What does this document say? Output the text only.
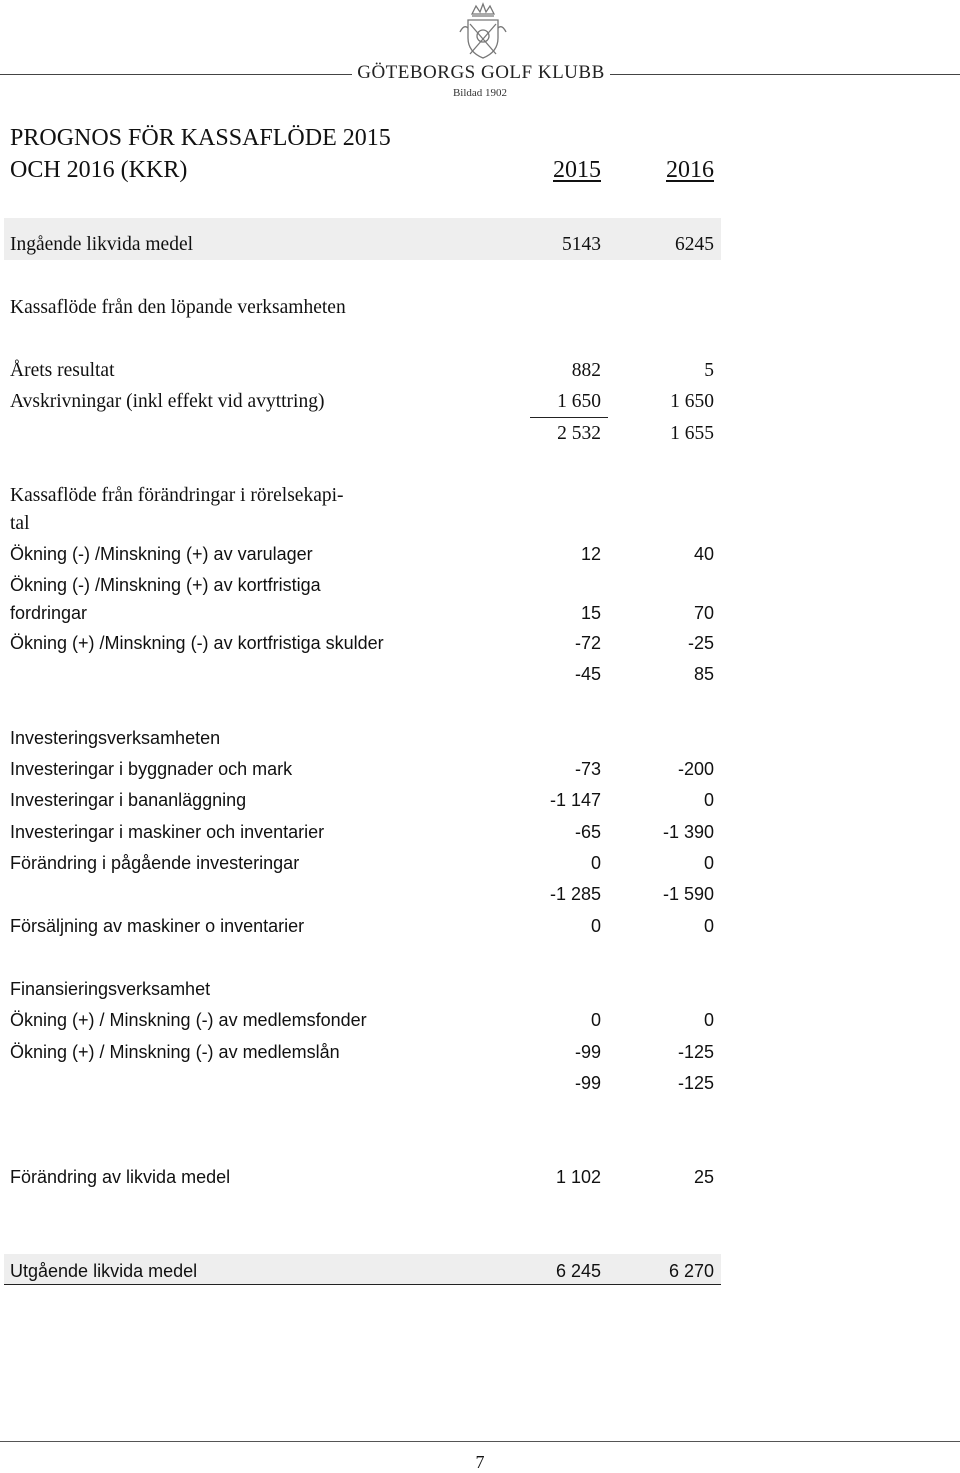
GÖTEBORGS GOLF KLUBB
Bildad 1902
PROGNOS FÖR KASSAFLÖDE 2015
OCH 2016 (KKR)	2015	2016
Ingående likvida medel	5143	6245
Kassaflöde från den löpande verksamheten
Årets resultat	882	5
Avskrivningar (inkl effekt vid avyttring)	1 650	1 650
2 532	1 655
Kassaflöde från förändringar i rörelsekapi-
tal
Ökning (-) /Minskning (+) av varulager	12	40
Ökning (-) /Minskning (+) av kortfristiga
fordringar	15	70
Ökning (+) /Minskning (-) av kortfristiga skulder	-72	-25
-45	85
Investeringsverksamheten
Investeringar i byggnader och mark	-73	-200
Investeringar i bananläggning	-1 147	0
Investeringar i maskiner och inventarier	-65	-1 390
Förändring i pågående investeringar	0	0
-1 285	-1 590
Försäljning av maskiner o inventarier	0	0
Finansieringsverksamhet
Ökning (+) / Minskning (-) av medlemsfonder	0	0
Ökning (+) / Minskning (-) av medlemslån	-99	-125
-99	-125
Förändring av likvida medel	1 102	25
Utgående likvida medel	6 245	6 270
7
